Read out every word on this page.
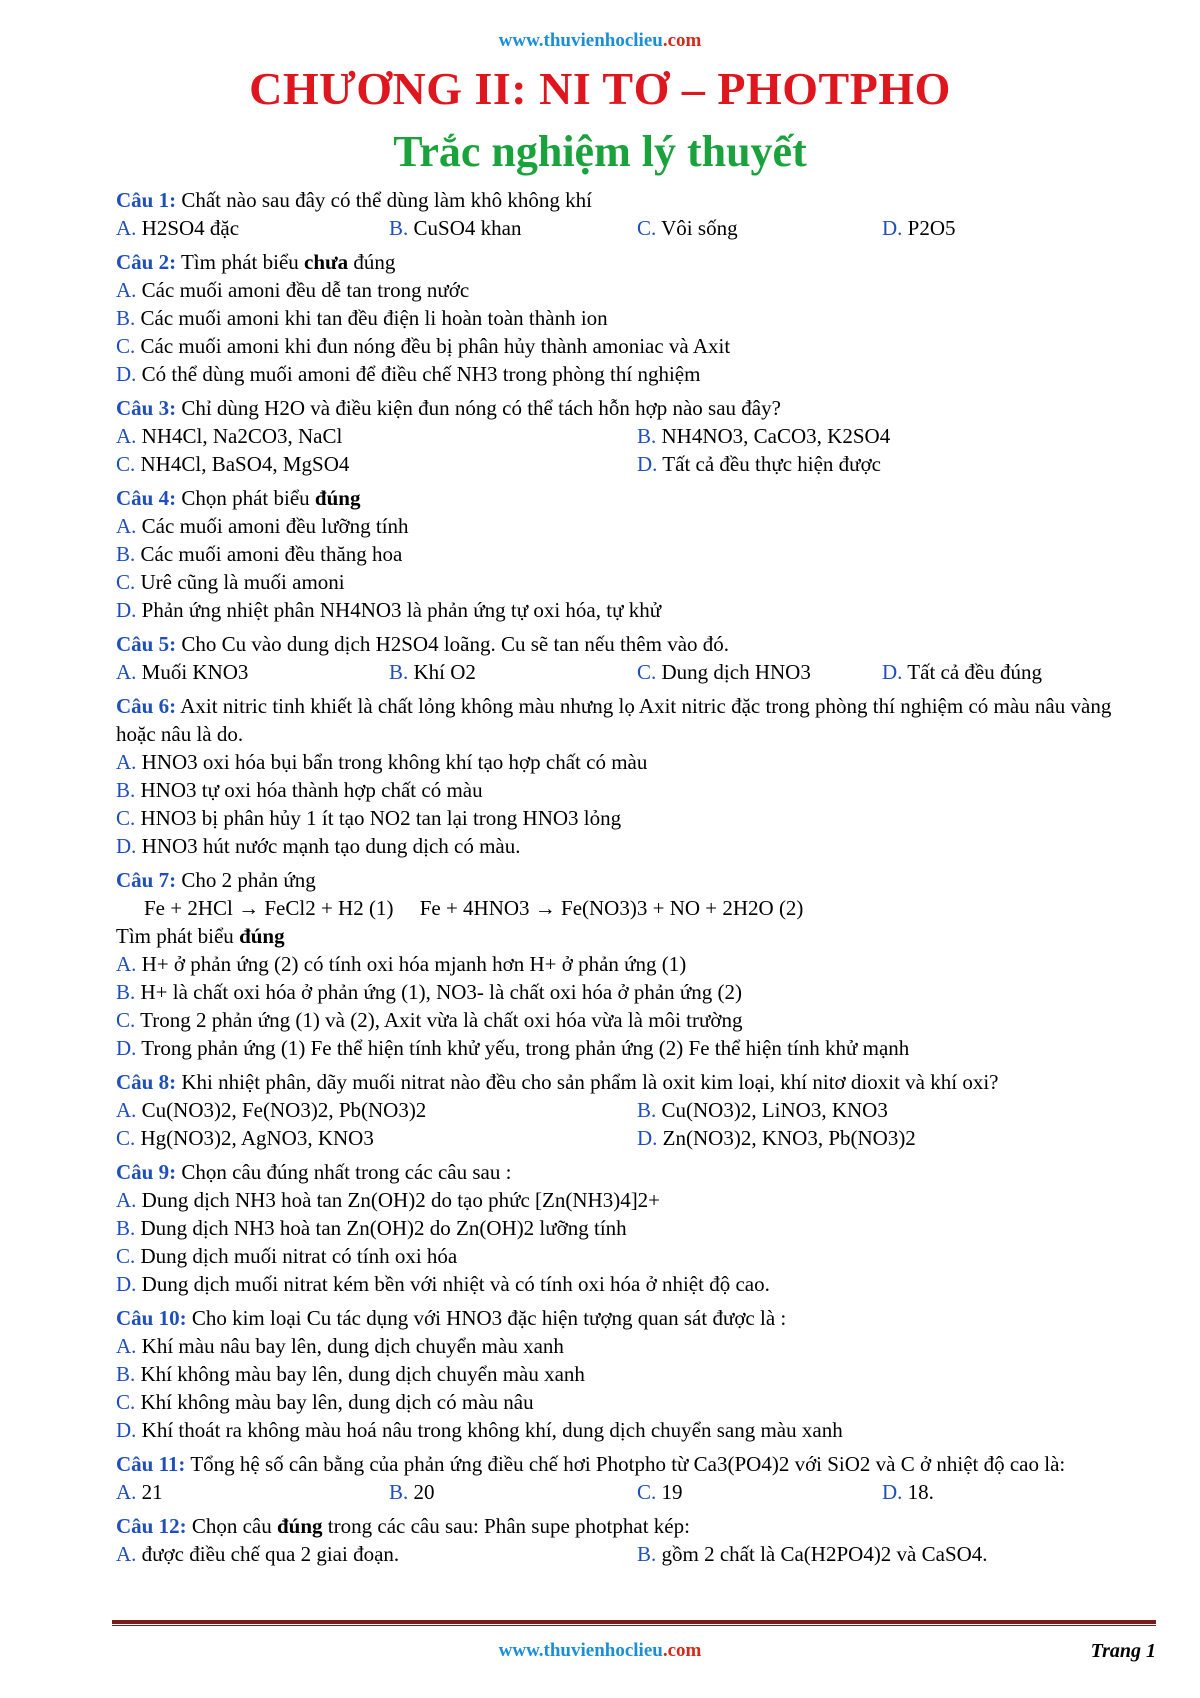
www.thuvienhoclieu.com
CHƯƠNG II: NI TƠ – PHOTPHO
Trắc nghiệm lý thuyết
Câu 1: Chất nào sau đây có thể dùng làm khô không khí
A. H2SO4 đặc	B. CuSO4 khan	C. Vôi sống	D. P2O5
Câu 2: Tìm phát biểu chưa đúng
A. Các muối amoni đều dễ tan trong nước
B. Các muối amoni khi tan đều điện li hoàn toàn thành ion
C. Các muối amoni khi đun nóng đều bị phân hủy thành amoniac và Axit
D. Có thể dùng muối amoni để điều chế NH3 trong phòng thí nghiệm
Câu 3: Chỉ dùng H2O và điều kiện đun nóng có thể tách hỗn hợp nào sau đây?
A. NH4Cl, Na2CO3, NaCl	B. NH4NO3, CaCO3, K2SO4
C. NH4Cl, BaSO4, MgSO4	D. Tất cả đều thực hiện được
Câu 4: Chọn phát biểu đúng
A. Các muối amoni đều lưỡng tính
B. Các muối amoni đều thăng hoa
C. Urê cũng là muối amoni
D. Phản ứng nhiệt phân NH4NO3 là phản ứng tự oxi hóa, tự khử
Câu 5: Cho Cu vào dung dịch H2SO4 loãng. Cu sẽ tan nếu thêm vào đó.
A. Muối KNO3	B. Khí O2	C. Dung dịch HNO3	D. Tất cả đều đúng
Câu 6: Axit nitric tinh khiết là chất lỏng không màu nhưng lọ Axit nitric đặc trong phòng thí nghiệm có màu nâu vàng hoặc nâu là do.
A. HNO3 oxi hóa bụi bẩn trong không khí tạo hợp chất có màu
B. HNO3 tự oxi hóa thành hợp chất có màu
C. HNO3 bị phân hủy 1 ít tạo NO2 tan lại trong HNO3 lỏng
D. HNO3 hút nước mạnh tạo dung dịch có màu.
Câu 7: Cho 2 phản ứng
Fe + 2HCl → FeCl2 + H2 (1) Fe + 4HNO3 → Fe(NO3)3 + NO + 2H2O (2)
Tìm phát biểu đúng
A. H+ ở phản ứng (2) có tính oxi hóa mjanh hơn H+ ở phản ứng (1)
B. H+ là chất oxi hóa ở phản ứng (1), NO3- là chất oxi hóa ở phản ứng (2)
C. Trong 2 phản ứng (1) và (2), Axit vừa là chất oxi hóa vừa là môi trường
D. Trong phản ứng (1) Fe thể hiện tính khử yếu, trong phản ứng (2) Fe thể hiện tính khử mạnh
Câu 8: Khi nhiệt phân, dãy muối nitrat nào đều cho sản phẩm là oxit kim loại, khí nitơ dioxit và khí oxi?
A. Cu(NO3)2, Fe(NO3)2, Pb(NO3)2	B. Cu(NO3)2, LiNO3, KNO3
C. Hg(NO3)2, AgNO3, KNO3	D. Zn(NO3)2, KNO3, Pb(NO3)2
Câu 9: Chọn câu đúng nhất trong các câu sau :
A. Dung dịch NH3 hoà tan Zn(OH)2 do tạo phức [Zn(NH3)4]2+
B. Dung dịch NH3 hoà tan Zn(OH)2 do Zn(OH)2 lưỡng tính
C. Dung dịch muối nitrat có tính oxi hóa
D. Dung dịch muối nitrat kém bền với nhiệt và có tính oxi hóa ở nhiệt độ cao.
Câu 10: Cho kim loại Cu tác dụng với HNO3 đặc hiện tượng quan sát được là :
A. Khí màu nâu bay lên, dung dịch chuyển màu xanh
B. Khí không màu bay lên, dung dịch chuyển màu xanh
C. Khí không màu bay lên, dung dịch có màu nâu
D. Khí thoát ra không màu hoá nâu trong không khí, dung dịch chuyển sang màu xanh
Câu 11: Tổng hệ số cân bằng của phản ứng điều chế hơi Photpho từ Ca3(PO4)2 với SiO2 và C ở nhiệt độ cao là:
A. 21	B. 20	C. 19	D. 18.
Câu 12: Chọn câu đúng trong các câu sau: Phân supe photphat kép:
A. được điều chế qua 2 giai đoạn.	B. gồm 2 chất là Ca(H2PO4)2 và CaSO4.
www.thuvienhoclieu.com	Trang 1
